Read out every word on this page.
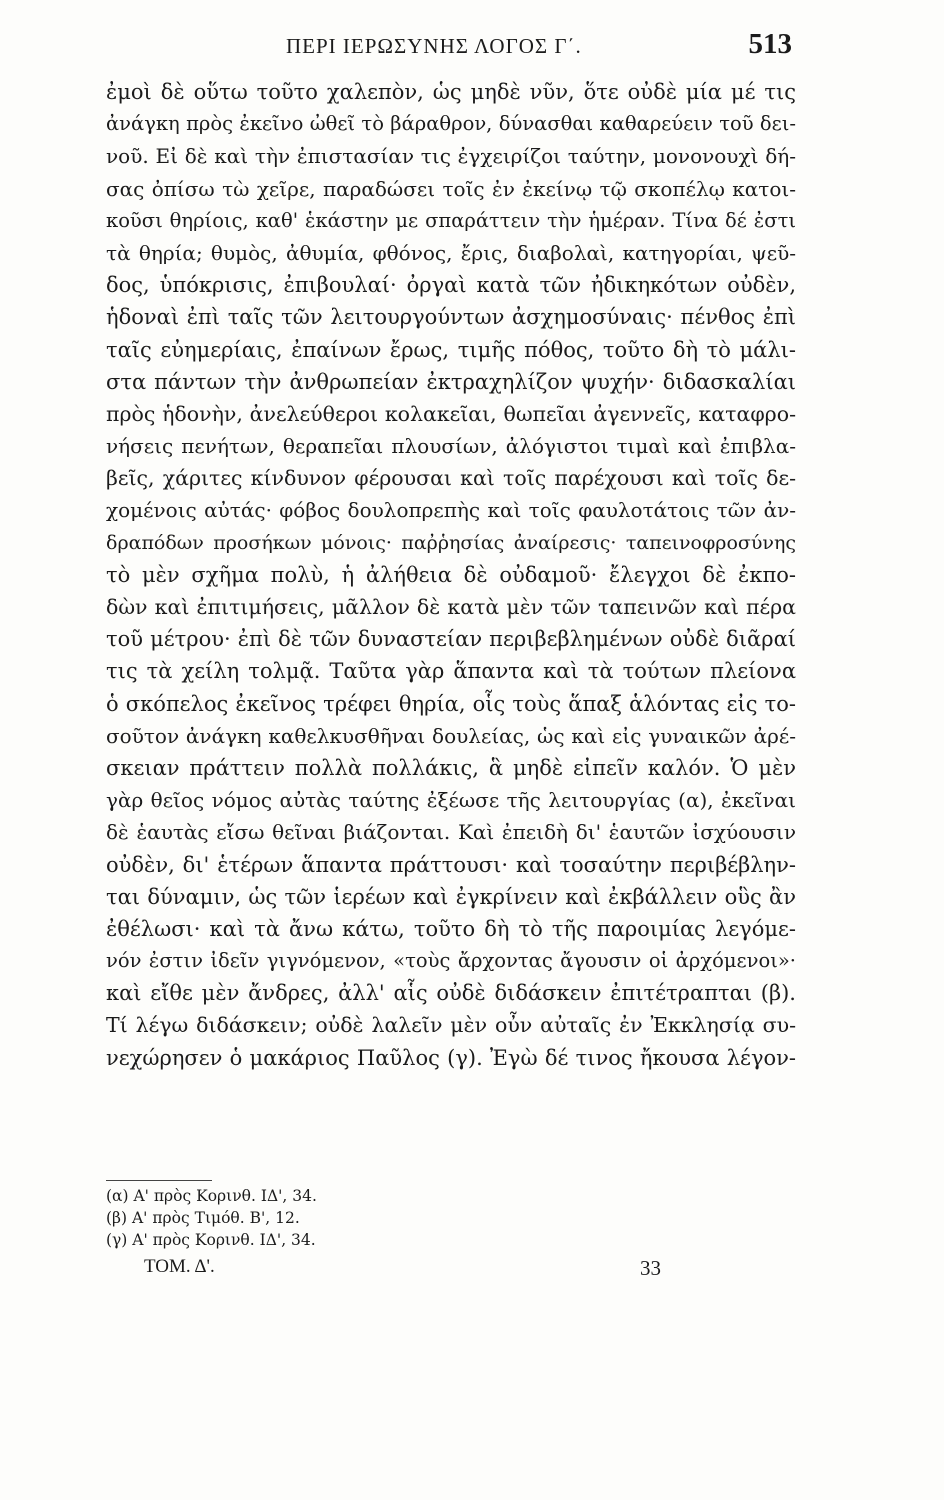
ΠΕΡΙ ΙΕΡΩΣΥΝΗΣ ΛΟΓΟΣ Γ΄.	513
ἐμοὶ δὲ οὕτω τοῦτο χαλεπὸν, ὡς μηδὲ νῦν, ὅτε οὐδὲ μία μέ τις
ἀνάγκη πρὸς ἐκεῖνο ὠθεῖ τὸ βάραθρον, δύνασθαι καθαρεύειν τοῦ δει-
νοῦ. Εἰ δὲ καὶ τὴν ἐπιστασίαν τις ἐγχειρίζοι ταύτην, μονονουχὶ δή-
σας ὀπίσω τὼ χεῖρε, παραδώσει τοῖς ἐν ἐκείνῳ τῷ σκοπέλῳ κατοι-
κοῦσι θηρίοις, καθ' ἑκάστην με σπαράττειν τὴν ἡμέραν. Τίνα δέ ἐστι
τὰ θηρία; θυμὸς, ἀθυμία, φθόνος, ἔρις, διαβολαὶ, κατηγορίαι, ψεῦ-
δος, ὑπόκρισις, ἐπιβουλαί· ὀργαὶ κατὰ τῶν ἠδικηκότων οὐδὲν,
ἡδοναὶ ἐπὶ ταῖς τῶν λειτουργούντων ἀσχημοσύναις· πένθος ἐπὶ
ταῖς εὐημερίαις, ἐπαίνων ἔρως, τιμῆς πόθος, τοῦτο δὴ τὸ μάλι-
στα πάντων τὴν ἀνθρωπείαν ἐκτραχηλίζον ψυχήν· διδασκαλίαι
πρὸς ἡδονὴν, ἀνελεύθεροι κολακεῖαι, θωπεῖαι ἀγεννεῖς, καταφρο-
νήσεις πενήτων, θεραπεῖαι πλουσίων, ἀλόγιστοι τιμαὶ καὶ ἐπιβλα-
βεῖς, χάριτες κίνδυνον φέρουσαι καὶ τοῖς παρέχουσι καὶ τοῖς δε-
χομένοις αὐτάς· φόβος δουλοπρεπὴς καὶ τοῖς φαυλοτάτοις τῶν ἀν-
δραπόδων προσήκων μόνοις· παῤῥησίας ἀναίρεσις· ταπεινοφροσύνης
τὸ μὲν σχῆμα πολὺ, ἡ ἀλήθεια δὲ οὐδαμοῦ· ἔλεγχοι δὲ ἐκπο-
δὼν καὶ ἐπιτιμήσεις, μᾶλλον δὲ κατὰ μὲν τῶν ταπεινῶν καὶ πέρα
τοῦ μέτρου· ἐπὶ δὲ τῶν δυναστείαν περιβεβλημένων οὐδὲ διᾶραί
τις τὰ χείλη τολμᾷ. Ταῦτα γὰρ ἅπαντα καὶ τὰ τούτων πλείονα
ὁ σκόπελος ἐκεῖνος τρέφει θηρία, οἷς τοὺς ἅπαξ ἁλόντας εἰς το-
σοῦτον ἀνάγκη καθελκυσθῆναι δουλείας, ὡς καὶ εἰς γυναικῶν ἀρέ-
σκειαν πράττειν πολλὰ πολλάκις, ἃ μηδὲ εἰπεῖν καλόν. Ὁ μὲν
γὰρ θεῖος νόμος αὐτὰς ταύτης ἐξέωσε τῆς λειτουργίας (α), ἐκεῖναι
δὲ ἑαυτὰς εἴσω θεῖναι βιάζονται. Καὶ ἐπειδὴ δι' ἑαυτῶν ἰσχύουσιν
οὐδὲν, δι' ἑτέρων ἅπαντα πράττουσι· καὶ τοσαύτην περιβέβλην-
ται δύναμιν, ὡς τῶν ἱερέων καὶ ἐγκρίνειν καὶ ἐκβάλλειν οὓς ἂν
ἐθέλωσι· καὶ τὰ ἄνω κάτω, τοῦτο δὴ τὸ τῆς παροιμίας λεγόμε-
νόν ἐστιν ἰδεῖν γιγνόμενον, «τοὺς ἄρχοντας ἄγουσιν οἱ ἀρχόμενοι»·
καὶ εἴθε μὲν ἄνδρες, ἀλλ' αἷς οὐδὲ διδάσκειν ἐπιτέτραπται (β).
Τί λέγω διδάσκειν; οὐδὲ λαλεῖν μὲν οὖν αὐταῖς ἐν Ἐκκλησίᾳ συ-
νεχώρησεν ὁ μακάριος Παῦλος (γ). Ἐγὼ δέ τινος ἤκουσα λέγον-
(α) Α' πρὸς Κορινθ. ΙΔ', 34.
(β) Α' πρὸς Τιμόθ. Β', 12.
(γ) Α' πρὸς Κορινθ. ΙΔ', 34.
ΤΟΜ. Δ'.	33
